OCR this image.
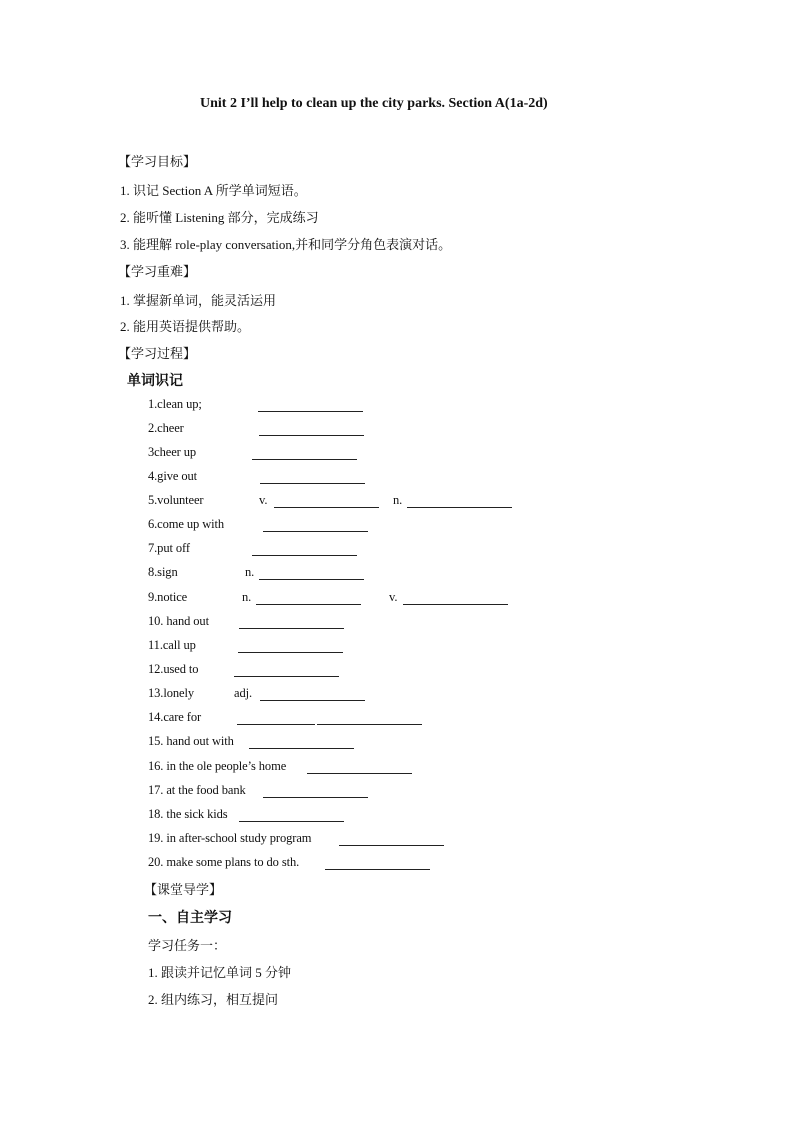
Unit 2 I’ll help to clean up the city parks. Section A(1a-2d)
【学习目标】
1. 识记 Section A 所学单词短语。
2. 能听懂 Listening 部分，完成练习
3. 能理解 role-play conversation,并和同学分角色表演对话。
【学习重难】
1. 掌握新单词，能灵活运用
2. 能用英语提供帮助。
【学习过程】
单词识记
1.clean up;
2.cheer
3cheer up
4.give out
5.volunteer	v.	n.
6.come up with
7.put off
8.sign	n.
9.notice	n.	v.
10. hand out
11.call up
12.used to
13.lonely	adj.
14.care for
15. hand out with
16. in the ole people’s home
17. at the food bank
18. the sick kids
19. in after-school study program
20. make some plans to do sth.
【课堂导学】
一、自主学习
学习任务一：
1. 跟读并记忆单词 5 分钟
2. 组内练习，相互提问
